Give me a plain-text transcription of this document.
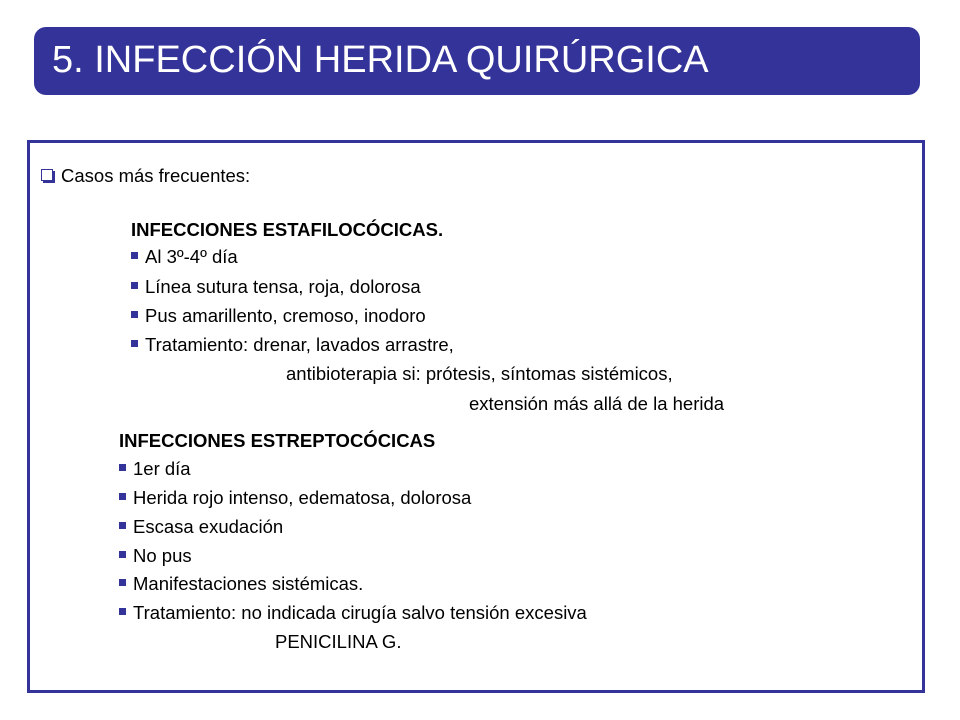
5. INFECCIÓN HERIDA QUIRÚRGICA
Casos más frecuentes:
INFECCIONES ESTAFILOCÓCICAS.
Al 3º-4º día
Línea sutura tensa, roja, dolorosa
Pus amarillento, cremoso, inodoro
Tratamiento: drenar, lavados arrastre,
antibioterapia si: prótesis, síntomas sistémicos,
extensión más allá de la herida
INFECCIONES ESTREPTOCÓCICAS
1er día
Herida rojo intenso, edematosa, dolorosa
Escasa exudación
No pus
Manifestaciones sistémicas.
Tratamiento: no indicada cirugía salvo tensión excesiva
PENICILINA G.
